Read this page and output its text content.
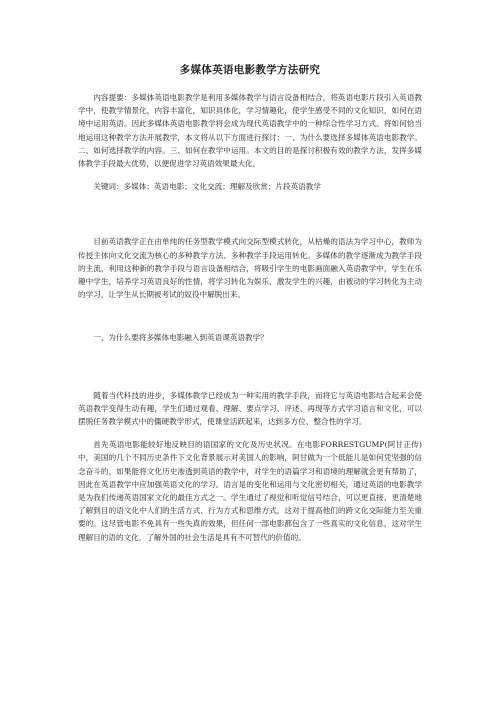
多媒体英语电影教学方法研究

内容提要：多媒体英语电影教学是利用多媒体教学与语言设备相结合，将英语电影片段引入英语教学中，使教学情景化，内容丰富化，知识具体化，学习情趣化，使学生感受不同的文化知识，如何在语境中运用英语。因此多媒体英语电影教学将会成为现代英语教学中的一种综合性学习方式。将如何恰当地运用这种教学方法开展教学，本文将从以下方面进行探讨：一、为什么要选择多媒体英语电影教学。二、如何选择教学的内容。三、如何在教学中运用。本文的目的是探讨积极有效的教学方法，发挥多媒体教学手段最大优势，以便促进学习英语效果最大化。

关键词：多媒体；英语电影；文化交流；理解及欣赏；片段英语教学

目前英语教学正在由单纯的任务型教学模式向交际型模式转化，从枯燥的语法为学习中心，教师为传授主体向文化交流为核心的多种教学方法、多种教学手段运用转化。多媒体的教学逐渐成为教学手段的主流，利用这种新的教学手段与语言设备相结合，将吸引学生的电影画面融入英语教学中，学生在乐趣中学生，培养学习英语良好的性情，将学习转化为娱乐，激发学生的兴趣，由被动的学习转化为主动的学习，让学生从长期被考试的奴役中解脱出来。

一、为什么要将多媒体电影融入到英语课英语教学？

随着当代科技的进步，多媒体教学已经成为一种实用的教学手段，而将它与英语电影结合起来会使英语教学变得生动有趣，学生们通过观看、理解、要点学习、评述、再现等方式学习语言和文化，可以摆脱任务教学模式中的僵硬教学形式，使课堂活跃起来，达到多方位、整合性的学习。

首先英语电影能较好地反映目的语国家的文化及历史状况。在电影FORRESTGUMP(阿甘正传)中，美国的几个不同历史条件下文化背景展示对美国人的影响，阿甘做为一个低能儿是如何凭坚强的信念奋斗的，如果能将文化历史渗透到英语的教学中，对学生的语篇学习和语境的理解就会更有帮助了，因此在英语教学中应加强英语文化的学习。语言是的变化和运用与文化密切相关，通过英语的电影教学是为我们传递英语国家文化的最佳方式之一。学生通过了视觉和听觉信号结合，可以更直接、更清楚地了解到目的语文化中人们的生活方式、行为方式和思维方式，这对于提高他们的跨文化交际能力至关重要的。这尽管电影不免具有一些失真的效果，但任何一部电影都包含了一些真实的文化信息，这对学生理解目的语的文化，了解外国的社会生活是具有不可替代的价值的。
